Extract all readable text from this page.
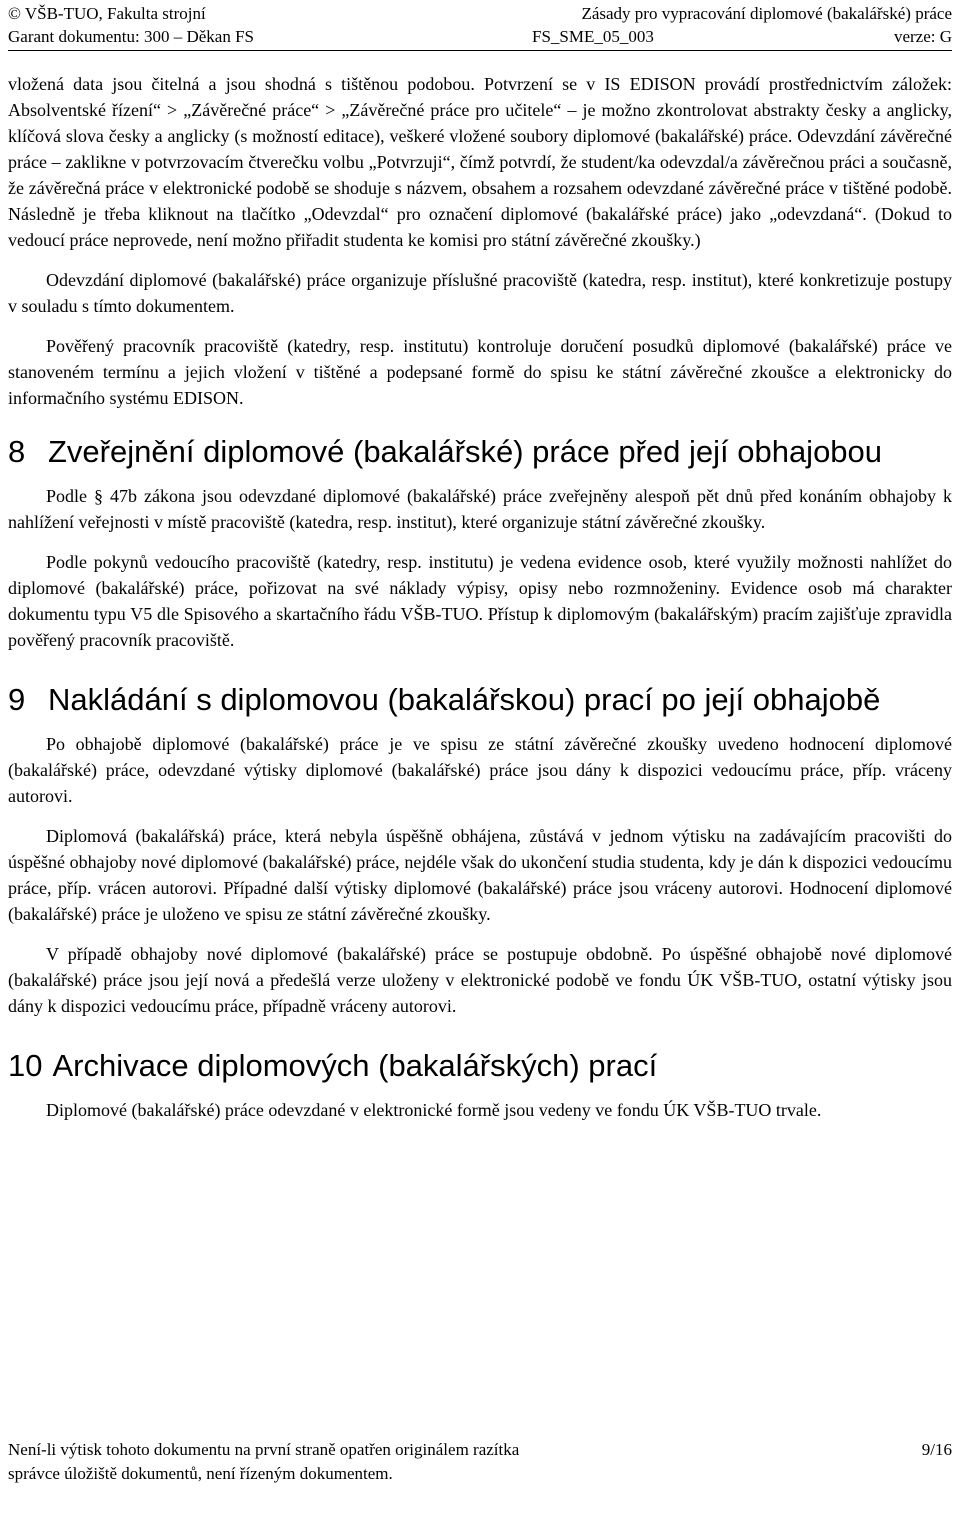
© VŠB-TUO, Fakulta strojní	Zásady pro vypracování diplomové (bakalářské) práce
Garant dokumentu: 300 – Děkan FS	FS_SME_05_003	verze: G

vložená data jsou čitelná a jsou shodná s tištěnou podobou. Potvrzení se v IS EDISON provádí prostřednictvím záložek: Absolventské řízení“ > „Závěrečné práce“ > „Závěrečné práce pro učitele“ – je možno zkontrolovat abstrakty česky a anglicky, klíčová slova česky a anglicky (s možností editace), veškeré vložené soubory diplomové (bakalářské) práce. Odevzdání závěrečné práce – zaklikne v potvrzovacím čtverečku volbu „Potvrzuji“, čímž potvrdí, že student/ka odevzdal/a závěrečnou práci a současně, že závěrečná práce v elektronické podobě se shoduje s názvem, obsahem a rozsahem odevzdané závěrečné práce v tištěné podobě. Následně je třeba kliknout na tlačítko „Odevzdal“ pro označení diplomové (bakalářské práce) jako „odevzdaná“. (Dokud to vedoucí práce neprovede, není možno přiřadit studenta ke komisi pro státní závěrečné zkoušky.)

Odevzdání diplomové (bakalářské) práce organizuje příslušné pracoviště (katedra, resp. institut), které konkretizuje postupy v souladu s tímto dokumentem.

Pověřený pracovník pracoviště (katedry, resp. institutu) kontroluje doručení posudků diplomové (bakalářské) práce ve stanoveném termínu a jejich vložení v tištěné a podepsané formě do spisu ke státní závěrečné zkoušce a elektronicky do informačního systému EDISON.

8 Zveřejnění diplomové (bakalářské) práce před její obhajobou

Podle § 47b zákona jsou odevzdané diplomové (bakalářské) práce zveřejněny alespoň pět dnů před konáním obhajoby k nahlížení veřejnosti v místě pracoviště (katedra, resp. institut), které organizuje státní závěrečné zkoušky.

Podle pokynů vedoucího pracoviště (katedry, resp. institutu) je vedena evidence osob, které využily možnosti nahlížet do diplomové (bakalářské) práce, pořizovat na své náklady výpisy, opisy nebo rozmnoženiny. Evidence osob má charakter dokumentu typu V5 dle Spisového a skartačního řádu VŠB-TUO. Přístup k diplomovým (bakalářským) pracím zajišťuje zpravidla pověřený pracovník pracoviště.

9 Nakládání s diplomovou (bakalářskou) prací po její obhajobě

Po obhajobě diplomové (bakalářské) práce je ve spisu ze státní závěrečné zkoušky uvedeno hodnocení diplomové (bakalářské) práce, odevzdané výtisky diplomové (bakalářské) práce jsou dány k dispozici vedoucímu práce, příp. vráceny autorovi.

Diplomová (bakalářská) práce, která nebyla úspěšně obhájena, zůstává v jednom výtisku na zadávajícím pracovišti do úspěšné obhajoby nové diplomové (bakalářské) práce, nejdéle však do ukončení studia studenta, kdy je dán k dispozici vedoucímu práce, příp. vrácen autorovi. Případné další výtisky diplomové (bakalářské) práce jsou vráceny autorovi. Hodnocení diplomové (bakalářské) práce je uloženo ve spisu ze státní závěrečné zkoušky.

V případě obhajoby nové diplomové (bakalářské) práce se postupuje obdobně. Po úspěšné obhajobě nové diplomové (bakalářské) práce jsou její nová a předešlá verze uloženy v elektronické podobě ve fondu ÚK VŠB-TUO, ostatní výtisky jsou dány k dispozici vedoucímu práce, případně vráceny autorovi.

10 Archivace diplomových (bakalářských) prací

Diplomové (bakalářské) práce odevzdané v elektronické formě jsou vedeny ve fondu ÚK VŠB-TUO trvale.

Není-li výtisk tohoto dokumentu na první straně opatřen originálem razítka
správce úložiště dokumentů, není řízeným dokumentem.
9/16
